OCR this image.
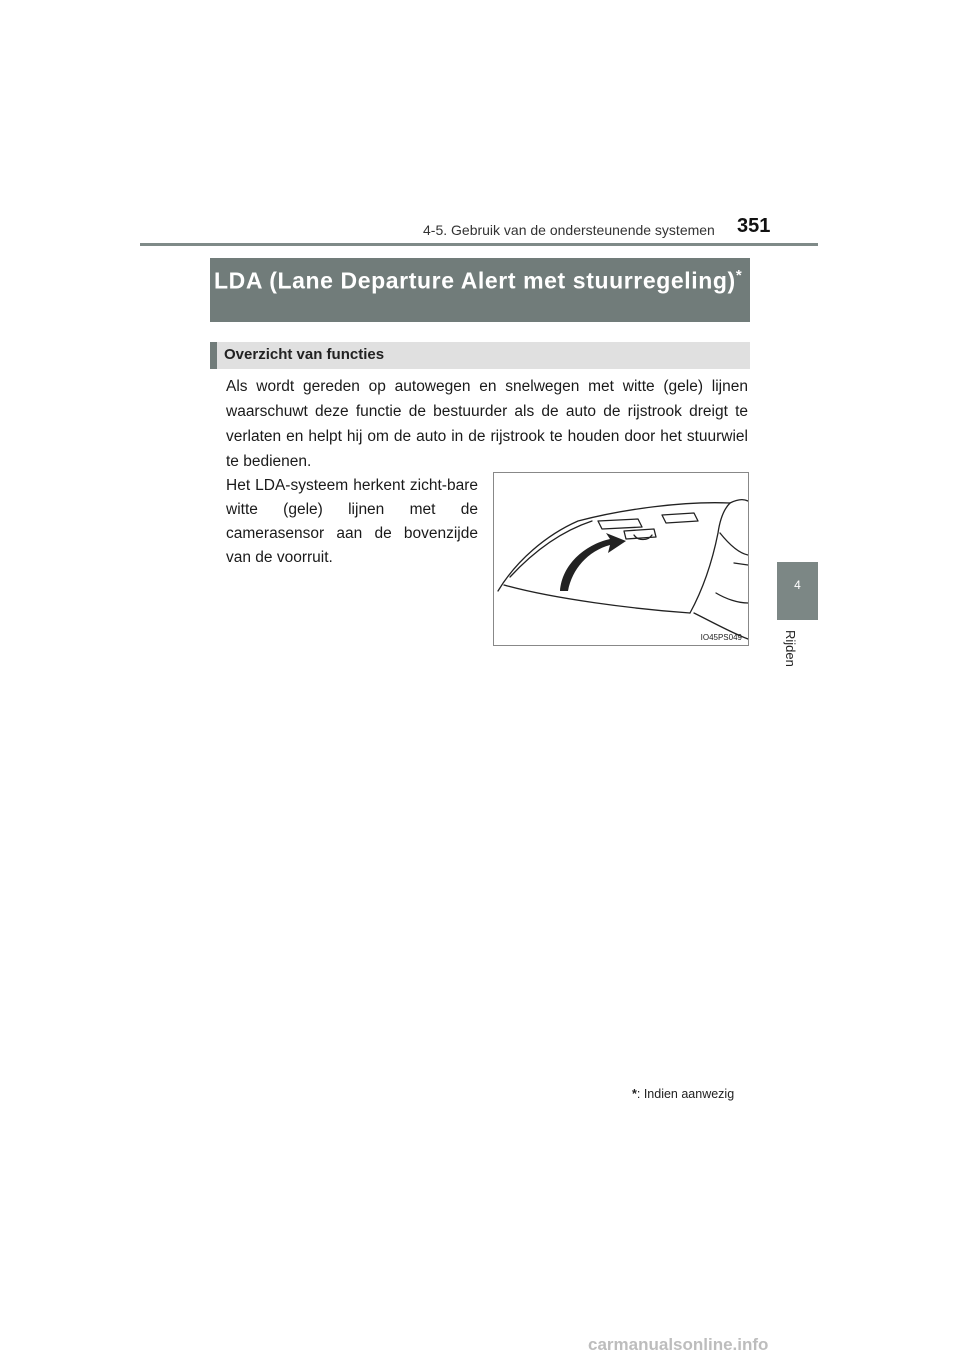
4-5. Gebruik van de ondersteunende systemen 351
4
Rijden
LDA (Lane Departure Alert met stuurregeling)*
Overzicht van functies

Als wordt gereden op autowegen en snelwegen met witte (gele) lijnen waarschuwt deze functie de bestuurder als de auto de rijstrook dreigt te verlaten en helpt hij om de auto in de rijstrook te houden door het stuurwiel te bedienen.

Het LDA-systeem herkent zicht-bare witte (gele) lijnen met de camerasensor aan de bovenzijde van de voorruit.

IO45PS049
*: Indien aanwezig
carmanualsonline.info
